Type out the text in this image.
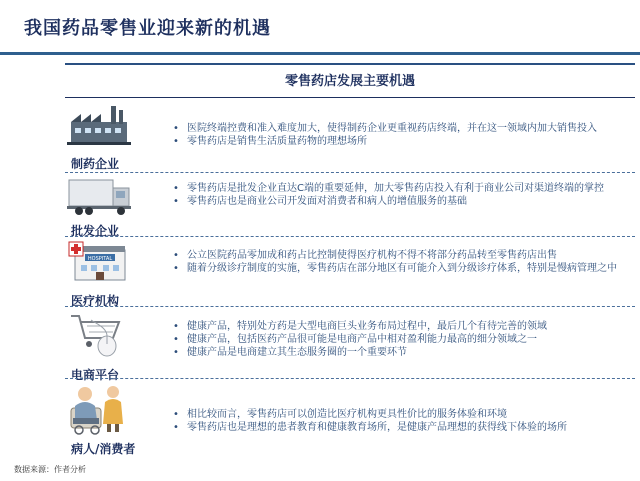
我国药品零售业迎来新的机遇
零售药店发展主要机遇
制药企业
• 医院终端控费和准入难度加大，使得制药企业更重视药店终端，并在这一领域内加大销售投入
• 零售药店是销售生活质量药物的理想场所
批发企业
• 零售药店是批发企业直达C端的重要延伸，加大零售药店投入有利于商业公司对渠道终端的掌控
• 零售药店也是商业公司开发面对消费者和病人的增值服务的基础
HOSPITAL
医疗机构
• 公立医院药品零加成和药占比控制使得医疗机构不得不将部分药品转至零售药店出售
• 随着分级诊疗制度的实施，零售药店在部分地区有可能介入到分级诊疗体系，特别是慢病管理之中
电商平台
• 健康产品，特别处方药是大型电商巨头业务布局过程中，最后几个有待完善的领域
• 健康产品，包括医药产品很可能是电商产品中相对盈利能力最高的细分领域之一
• 健康产品是电商建立其生态服务圈的一个重要环节
病人/消费者
• 相比较而言，零售药店可以创造比医疗机构更具性价比的服务体验和环境
• 零售药店也是理想的患者教育和健康教育场所，是健康产品理想的获得线下体验的场所
数据来源：作者分析
